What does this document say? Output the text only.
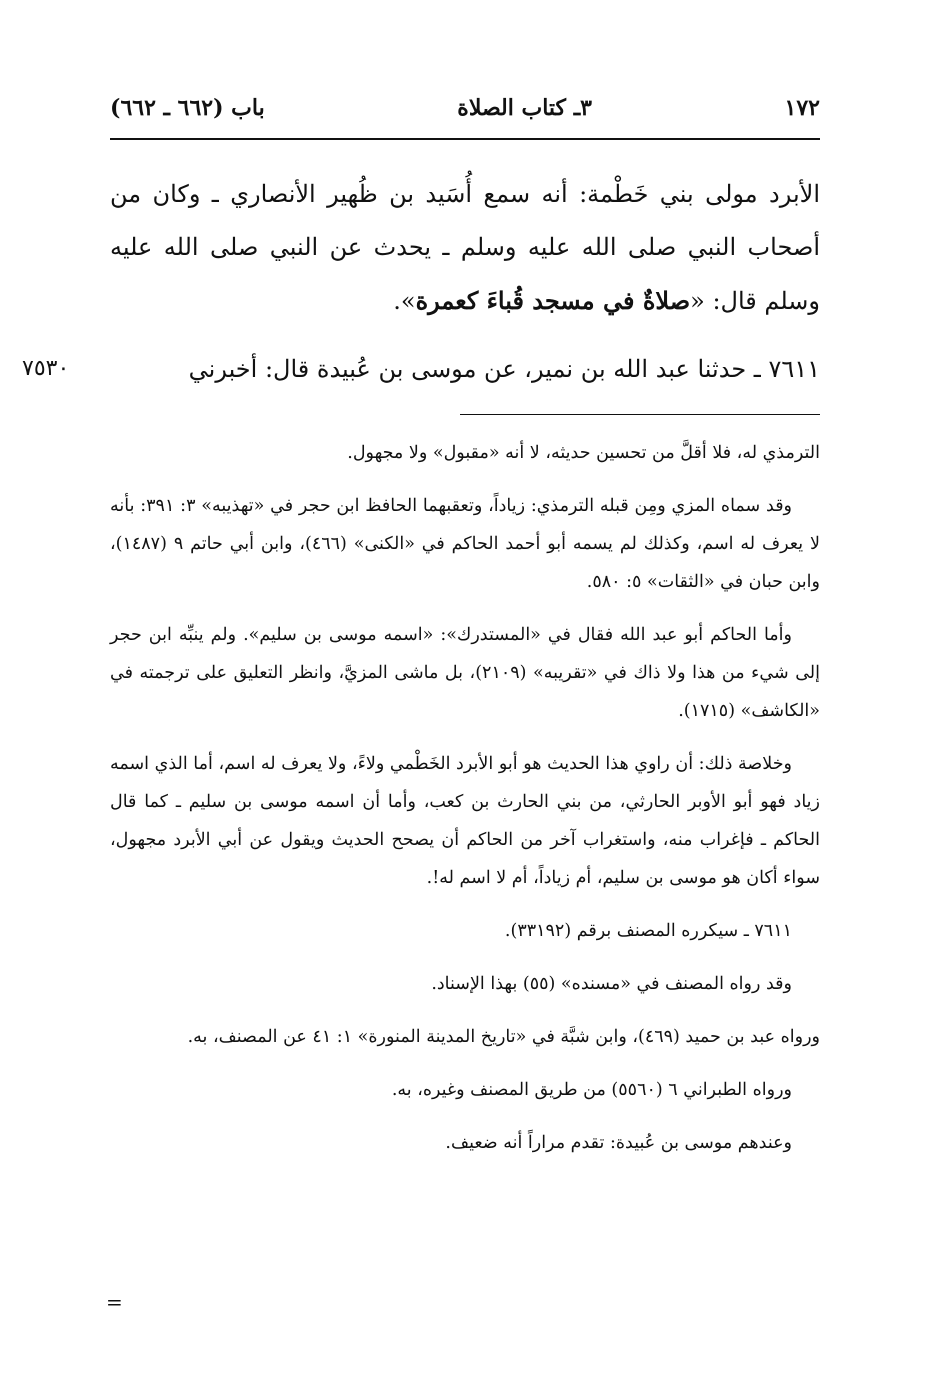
١٧٢
٣ـ كتاب الصلاة
باب (٦٦٢ ـ ٦٦٢)

الأبرد مولى بني خَطْمة: أنه سمع أُسَيد بن ظُهير الأنصاري ـ وكان من أصحاب النبي صلى الله عليه وسلم ـ يحدث عن النبي صلى الله عليه وسلم قال: «صلاةٌ في مسجد قُباءَ كعمرة».

٧٦١١ ـ حدثنا عبد الله بن نمير، عن موسى بن عُبيدة قال: أخبرني
٧٥٣٠

الترمذي له، فلا أقلَّ من تحسين حديثه، لا أنه «مقبول» ولا مجهول.

وقد سماه المزي ومِن قبله الترمذي: زياداً، وتعقبهما الحافظ ابن حجر في «تهذيبه» ٣: ٣٩١: بأنه لا يعرف له اسم، وكذلك لم يسمه أبو أحمد الحاكم في «الكنى» (٤٦٦)، وابن أبي حاتم ٩ (١٤٨٧)، وابن حبان في «الثقات» ٥: ٥٨٠.

وأما الحاكم أبو عبد الله فقال في «المستدرك»: «اسمه موسى بن سليم». ولم ينبِّه ابن حجر إلى شيء من هذا ولا ذاك في «تقريبه» (٢١٠٩)، بل ماشى المزيَّ، وانظر التعليق على ترجمته في «الكاشف» (١٧١٥).

وخلاصة ذلك: أن راوي هذا الحديث هو أبو الأبرد الخَطْمي ولاءً، ولا يعرف له اسم، أما الذي اسمه زياد فهو أبو الأوبر الحارثي، من بني الحارث بن كعب، وأما أن اسمه موسى بن سليم ـ كما قال الحاكم ـ فإغراب منه، واستغراب آخر من الحاكم أن يصحح الحديث ويقول عن أبي الأبرد مجهول، سواء أكان هو موسى بن سليم، أم زياداً، أم لا اسم له!.

٧٦١١ ـ سيكرره المصنف برقم (٣٣١٩٢).

وقد رواه المصنف في «مسنده» (٥٥) بهذا الإسناد.

ورواه عبد بن حميد (٤٦٩)، وابن شبَّة في «تاريخ المدينة المنورة» ١: ٤١ عن المصنف، به.

ورواه الطبراني ٦ (٥٥٦٠) من طريق المصنف وغيره، به.

وعندهم موسى بن عُبيدة: تقدم مراراً أنه ضعيف.

=
